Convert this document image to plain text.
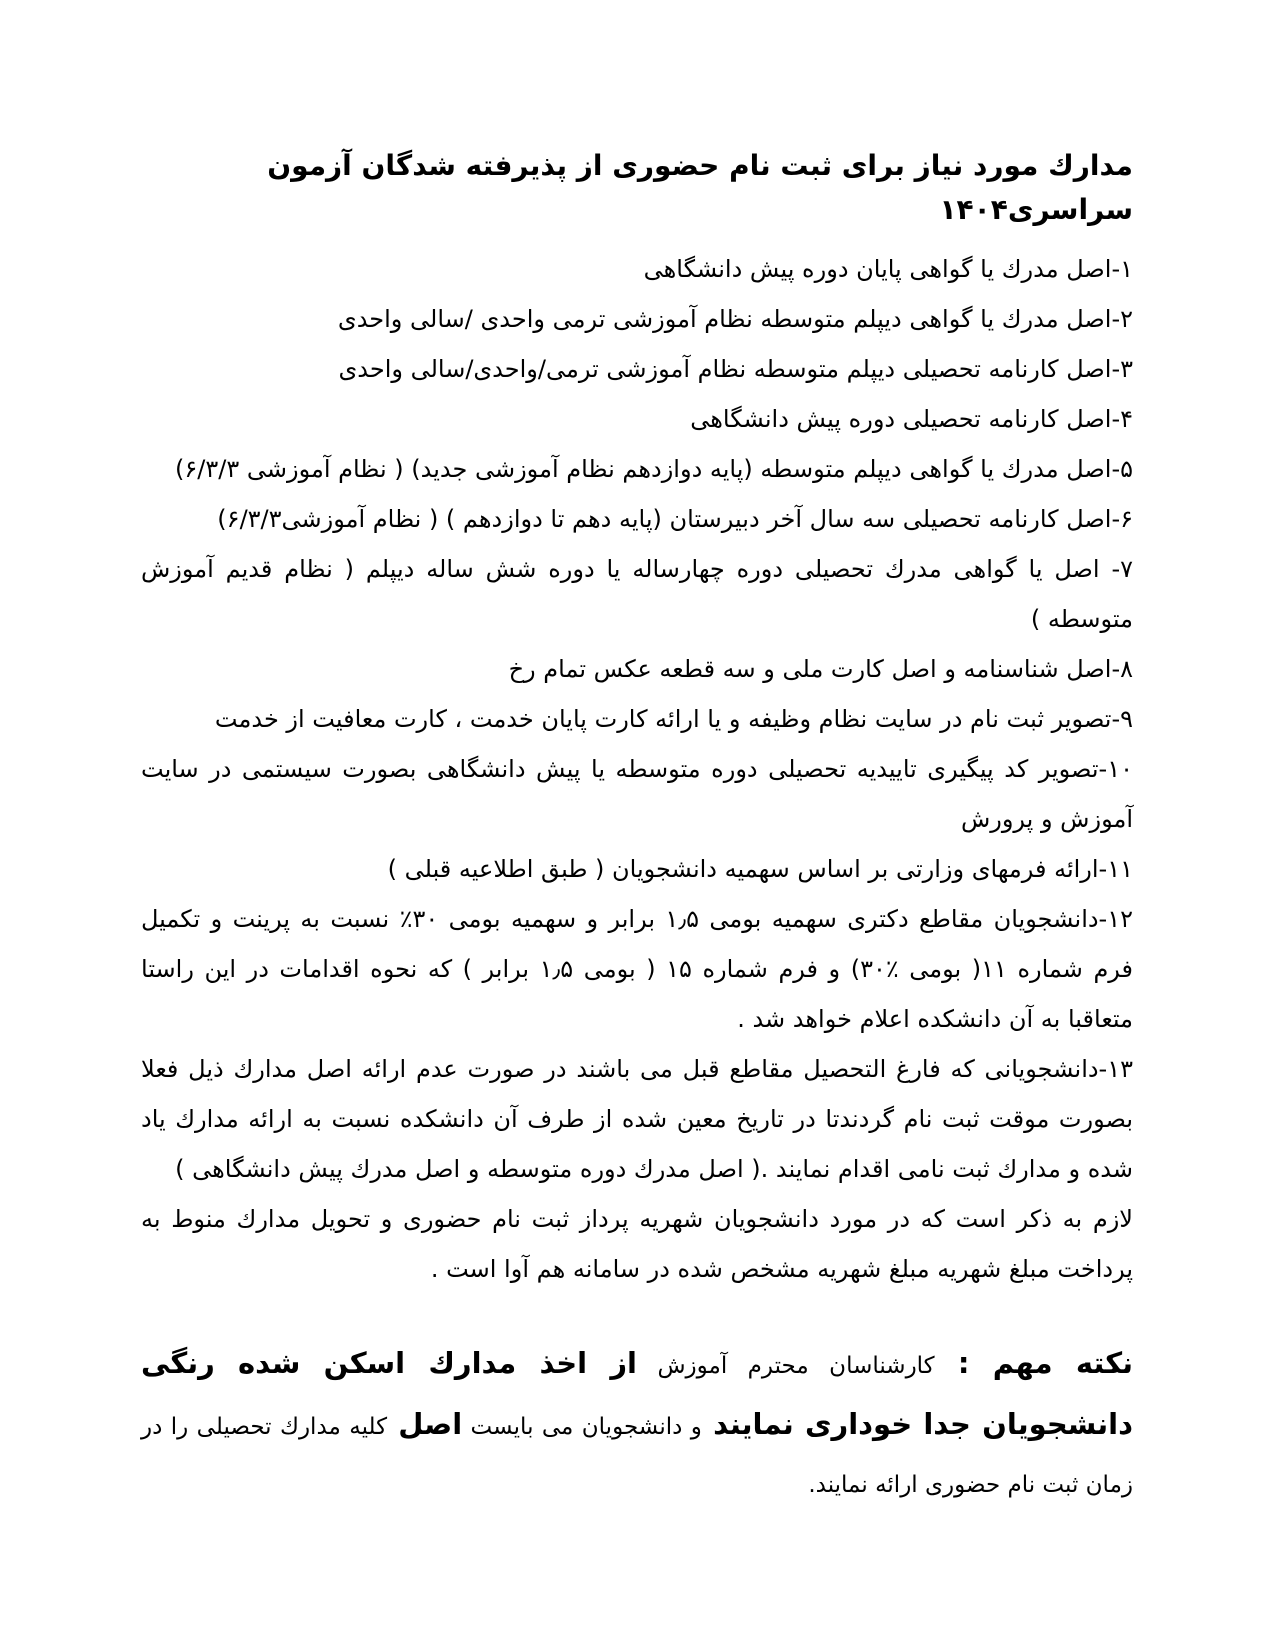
مدارك مورد نياز برای ثبت نام حضوری از پذيرفته شدگان آزمون سراسری۱۴۰۴

۱-اصل مدرك يا گواهی پايان دوره پيش دانشگاهی

۲-اصل مدرك يا گواهی ديپلم متوسطه نظام آموزشی ترمی واحدی /سالی واحدی

۳-اصل كارنامه تحصيلی ديپلم متوسطه نظام آموزشی ترمی/واحدی/سالی واحدی

۴-اصل كارنامه تحصيلی دوره پيش دانشگاهی

۵-اصل مدرك يا گواهی ديپلم متوسطه (پايه دوازدهم نظام آموزشی جديد) ( نظام آموزشی ۶/۳/۳)

۶-اصل كارنامه تحصيلی سه سال آخر دبيرستان (پايه دهم تا دوازدهم ) ( نظام آموزشی۶/۳/۳)

۷- اصل يا گواهی مدرك تحصيلی دوره چهارساله يا دوره شش ساله ديپلم ( نظام قديم آموزش متوسطه )

۸-اصل شناسنامه و اصل كارت ملی و سه قطعه عكس تمام رخ

۹-تصوير ثبت نام در سايت نظام وظيفه و يا ارائه كارت پايان خدمت ، كارت معافيت از خدمت

۱۰-تصوير كد پيگيری تاييديه تحصيلی دوره متوسطه يا پيش دانشگاهی بصورت سيستمی در سايت آموزش و پرورش

۱۱-ارائه فرمهای وزارتی بر اساس سهميه دانشجويان ( طبق اطلاعيه قبلی )

۱۲-دانشجويان مقاطع دكتری سهميه بومی ۱٫۵ برابر و سهميه بومی ۳۰٪ نسبت به پرينت و تكميل فرم شماره ۱۱( بومی ٪۳۰) و فرم شماره ۱۵ ( بومی ۱٫۵ برابر ) كه نحوه اقدامات در اين راستا متعاقبا به آن دانشكده اعلام خواهد شد .

۱۳-دانشجويانی كه فارغ التحصيل مقاطع قبل می باشند در صورت عدم ارائه اصل مدارك ذيل فعلا بصورت موقت ثبت نام گردندتا در تاريخ معين شده از طرف آن دانشكده نسبت به ارائه مدارك ياد شده و مدارك ثبت نامی اقدام نمايند .( اصل مدرك دوره متوسطه و اصل مدرك پيش دانشگاهی )

لازم به ذكر است كه در مورد دانشجويان شهريه پرداز ثبت نام حضوری و تحويل مدارك منوط به پرداخت مبلغ شهريه مبلغ شهريه مشخص شده در سامانه هم آوا است .

نكته مهم : كارشناسان محترم آموزش از اخذ مدارك اسكن شده رنگی دانشجويان جدا خوداری نمايند و دانشجويان می بايست اصل كليه مدارك تحصيلی را در زمان ثبت نام حضوری ارائه نمايند.
